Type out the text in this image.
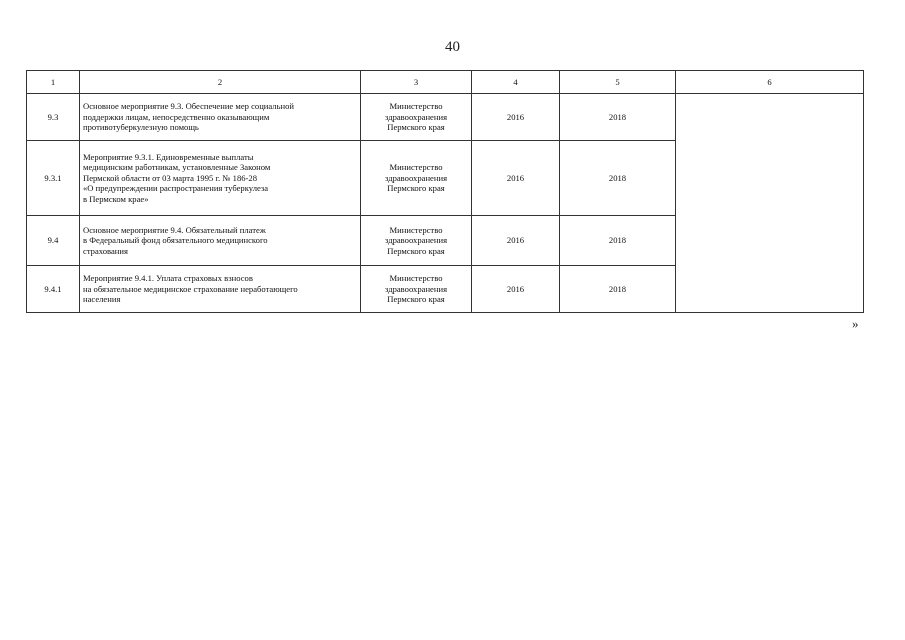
40
1	2	3	4	5	6
9.3	Основное мероприятие 9.3. Обеспечение мер социальной
поддержки лицам, непосредственно оказывающим
противотуберкулезную помощь	Министерство
здравоохранения
Пермского края	2016	2018	
9.3.1	Мероприятие 9.3.1. Единовременные выплаты
медицинским работникам, установленные Законом
Пермской области от 03 марта 1995 г. № 186-28
«О предупреждении распространения туберкулеза
в Пермском крае»	Министерство
здравоохранения
Пермского края	2016	2018	
9.4	Основное мероприятие 9.4. Обязательный платеж
в Федеральный фонд обязательного медицинского
страхования	Министерство
здравоохранения
Пермского края	2016	2018	
9.4.1	Мероприятие 9.4.1. Уплата страховых взносов
на обязательное медицинское страхование неработающего
населения	Министерство
здравоохранения
Пермского края	2016	2018	
»
